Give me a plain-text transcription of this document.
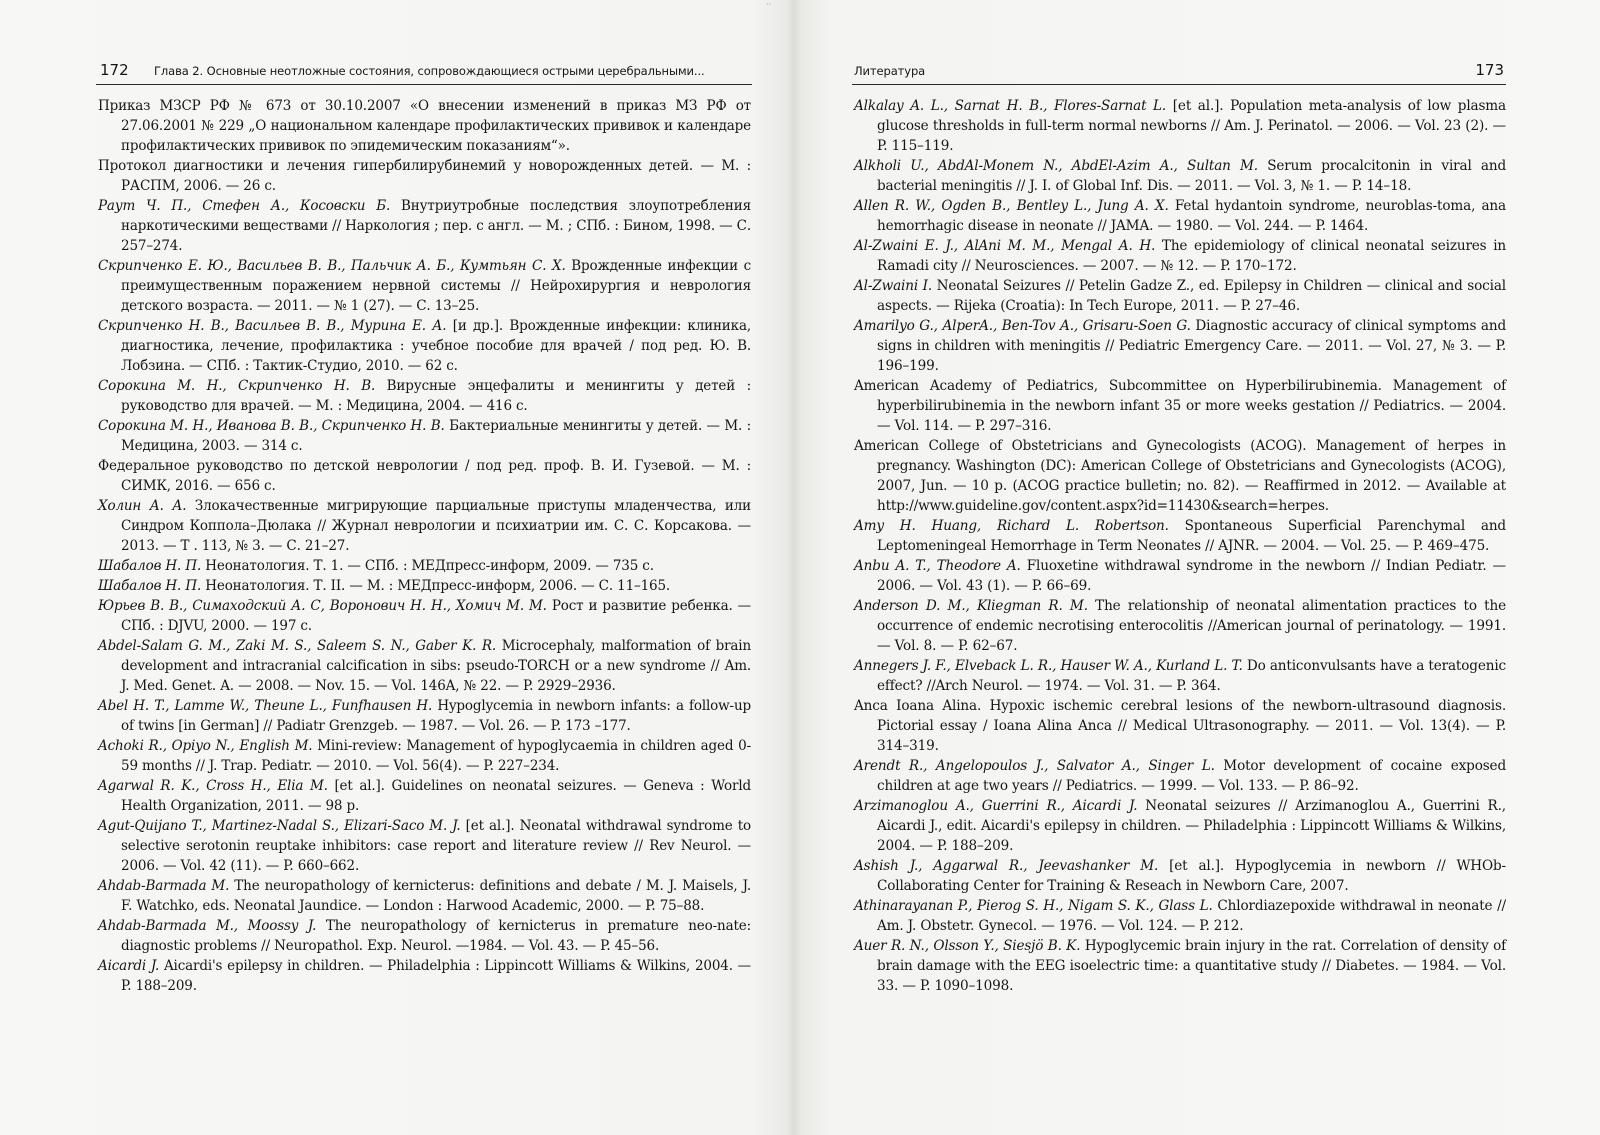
··
172 Глава 2. Основные неотложные состояния, сопровождающиеся острыми церебральными...

Приказ МЗСР РФ № 673 от 30.10.2007 «О внесении изменений в приказ МЗ РФ от 27.06.2001 № 229 „О национальном календаре профилактических прививок и календаре профилактических прививок по эпидемическим показаниям“».

Протокол диагностики и лечения гипербилирубинемий у новорожденных детей. — М. : РАСПМ, 2006. — 26 с.

Раут Ч. П., Стефен А., Косовски Б. Внутриутробные последствия злоупотребления наркотическими веществами // Наркология ; пер. с англ. — М. ; СПб. : Бином, 1998. — С. 257–274.

Скрипченко Е. Ю., Васильев В. В., Пальчик А. Б., Кумтьян С. Х. Врожденные инфекции с преимущественным поражением нервной системы // Нейрохирургия и неврология детского возраста. — 2011. — № 1 (27). — С. 13–25.

Скрипченко Н. В., Васильев В. В., Мурина Е. А. [и др.]. Врожденные инфекции: клиника, диагностика, лечение, профилактика : учебное пособие для врачей / под ред. Ю. В. Лобзина. — СПб. : Тактик-Студио, 2010. — 62 с.

Сорокина М. Н., Скрипченко Н. В. Вирусные энцефалиты и менингиты у детей : руководство для врачей. — М. : Медицина, 2004. — 416 с.

Сорокина М. Н., Иванова В. В., Скрипченко Н. В. Бактериальные менингиты у детей. — М. : Медицина, 2003. — 314 с.

Федеральное руководство по детской неврологии / под ред. проф. В. И. Гузевой. — М. : СИМК, 2016. — 656 с.

Холин А. А. Злокачественные мигрирующие парциальные приступы младенчества, или Синдром Коппола–Дюлака // Журнал неврологии и психиатрии им. С. С. Корсакова. — 2013. — Т . 113, № 3. — С. 21–27.

Шабалов Н. П. Неонатология. Т. 1. — СПб. : МЕДпресс-информ, 2009. — 735 с.

Шабалов Н. П. Неонатология. Т. II. — М. : МЕДпресс-информ, 2006. — С. 11–165.

Юрьев В. В., Симаходский А. С, Воронович Н. Н., Хомич М. М. Рост и развитие ребенка. — СПб. : DJVU, 2000. — 197 с.

Abdel-Salam G. M., Zaki M. S., Saleem S. N., Gaber K. R. Microcephaly, malformation of brain development and intracranial calcification in sibs: pseudo-TORCH or a new syndrome // Am. J. Med. Genet. A. — 2008. — Nov. 15. — Vol. 146A, № 22. — P. 2929–2936.

Abel H. T., Lamme W., Theune L., Funfhausen H. Hypoglycemia in newborn infants: a follow-up of twins [in German] // Padiatr Grenzgeb. — 1987. — Vol. 26. — P. 173 –177.

Achoki R., Opiyo N., English M. Mini-review: Management of hypoglycaemia in children aged 0-59 months // J. Trap. Pediatr. — 2010. — Vol. 56(4). — P. 227–234.

Agarwal R. K., Cross H., Elia M. [et al.]. Guidelines on neonatal seizures. — Geneva : World Health Organization, 2011. — 98 p.

Agut-Quijano T., Martinez-Nadal S., Elizari-Saco M. J. [et al.]. Neonatal withdrawal syndrome to selective serotonin reuptake inhibitors: case report and literature review // Rev Neurol. — 2006. — Vol. 42 (11). — P. 660–662.

Ahdab-Barmada M. The neuropathology of kernicterus: definitions and debate / M. J. Maisels, J. F. Watchko, eds. Neonatal Jaundice. — London : Harwood Academic, 2000. — P. 75–88.

Ahdab-Barmada M., Moossy J. The neuropathology of kernicterus in premature neo-nate: diagnostic problems // Neuropathol. Exp. Neurol. —1984. — Vol. 43. — P. 45–56.

Aicardi J. Aicardi's epilepsy in children. — Philadelphia : Lippincott Williams & Wilkins, 2004. — P. 188–209.

Литература	173

Alkalay A. L., Sarnat H. B., Flores-Sarnat L. [et al.]. Population meta-analysis of low plasma glucose thresholds in full-term normal newborns // Am. J. Perinatol. — 2006. — Vol. 23 (2). — P. 115–119.

Alkholi U., AbdAl-Monem N., AbdEl-Azim A., Sultan M. Serum procalcitonin in viral and bacterial meningitis // J. I. of Global Inf. Dis. — 2011. — Vol. 3, № 1. — P. 14–18.

Allen R. W., Ogden B., Bentley L., Jung A. X. Fetal hydantoin syndrome, neuroblas-toma, ana hemorrhagic disease in neonate // JAMA. — 1980. — Vol. 244. — P. 1464.

Al-Zwaini E. J., AlAni M. M., Mengal A. H. The epidemiology of clinical neonatal seizures in Ramadi city // Neurosciences. — 2007. — № 12. — P. 170–172.

Al-Zwaini I. Neonatal Seizures // Petelin Gadze Z., ed. Epilepsy in Children — clinical and social aspects. — Rijeka (Croatia): In Tech Europe, 2011. — P. 27–46.

Amarilyo G., AlperA., Ben-Tov A., Grisaru-Soen G. Diagnostic accuracy of clinical symptoms and signs in children with meningitis // Pediatric Emergency Care. — 2011. — Vol. 27, № 3. — P. 196–199.

American Academy of Pediatrics, Subcommittee on Hyperbilirubinemia. Management of hyperbilirubinemia in the newborn infant 35 or more weeks gestation // Pediatrics. — 2004. — Vol. 114. — P. 297–316.

American College of Obstetricians and Gynecologists (ACOG). Management of herpes in pregnancy. Washington (DC): American College of Obstetricians and Gynecologists (ACOG), 2007, Jun. — 10 p. (ACOG practice bulletin; no. 82). — Reaffirmed in 2012. — Available at http://www.guideline.gov/content.aspx?id=11430&search=herpes.

Amy H. Huang, Richard L. Robertson. Spontaneous Superficial Parenchymal and Leptomeningeal Hemorrhage in Term Neonates // AJNR. — 2004. — Vol. 25. — P. 469–475.

Anbu A. T., Theodore A. Fluoxetine withdrawal syndrome in the newborn // Indian Pediatr. — 2006. — Vol. 43 (1). — P. 66–69.

Anderson D. M., Kliegman R. M. The relationship of neonatal alimentation practices to the occurrence of endemic necrotising enterocolitis //American journal of perinatology. — 1991. — Vol. 8. — P. 62–67.

Annegers J. F., Elveback L. R., Hauser W. A., Kurland L. T. Do anticonvulsants have a teratogenic effect? //Arch Neurol. — 1974. — Vol. 31. — P. 364.

Anca Ioana Alina. Hypoxic ischemic cerebral lesions of the newborn-ultrasound diagnosis. Pictorial essay / Ioana Alina Anca // Medical Ultrasonography. — 2011. — Vol. 13(4). — P. 314–319.

Arendt R., Angelopoulos J., Salvator A., Singer L. Motor development of cocaine exposed children at age two years // Pediatrics. — 1999. — Vol. 133. — P. 86–92.

Arzimanoglou A., Guerrini R., Aicardi J. Neonatal seizures // Arzimanoglou A., Guerrini R., Aicardi J., edit. Aicardi's epilepsy in children. — Philadelphia : Lippincott Williams & Wilkins, 2004. — P. 188–209.

Ashish J., Aggarwal R., Jeevashanker M. [et al.]. Hypoglycemia in newborn // WHOb-Collaborating Center for Training & Reseach in Newborn Care, 2007.

Athinarayanan P., Pierog S. H., Nigam S. K., Glass L. Chlordiazepoxide withdrawal in neonate // Am. J. Obstetr. Gynecol. — 1976. — Vol. 124. — P. 212.

Auer R. N., Olsson Y., Siesjö B. K. Hypoglycemic brain injury in the rat. Correlation of density of brain damage with the EEG isoelectric time: a quantitative study // Diabetes. — 1984. — Vol. 33. — P. 1090–1098.
